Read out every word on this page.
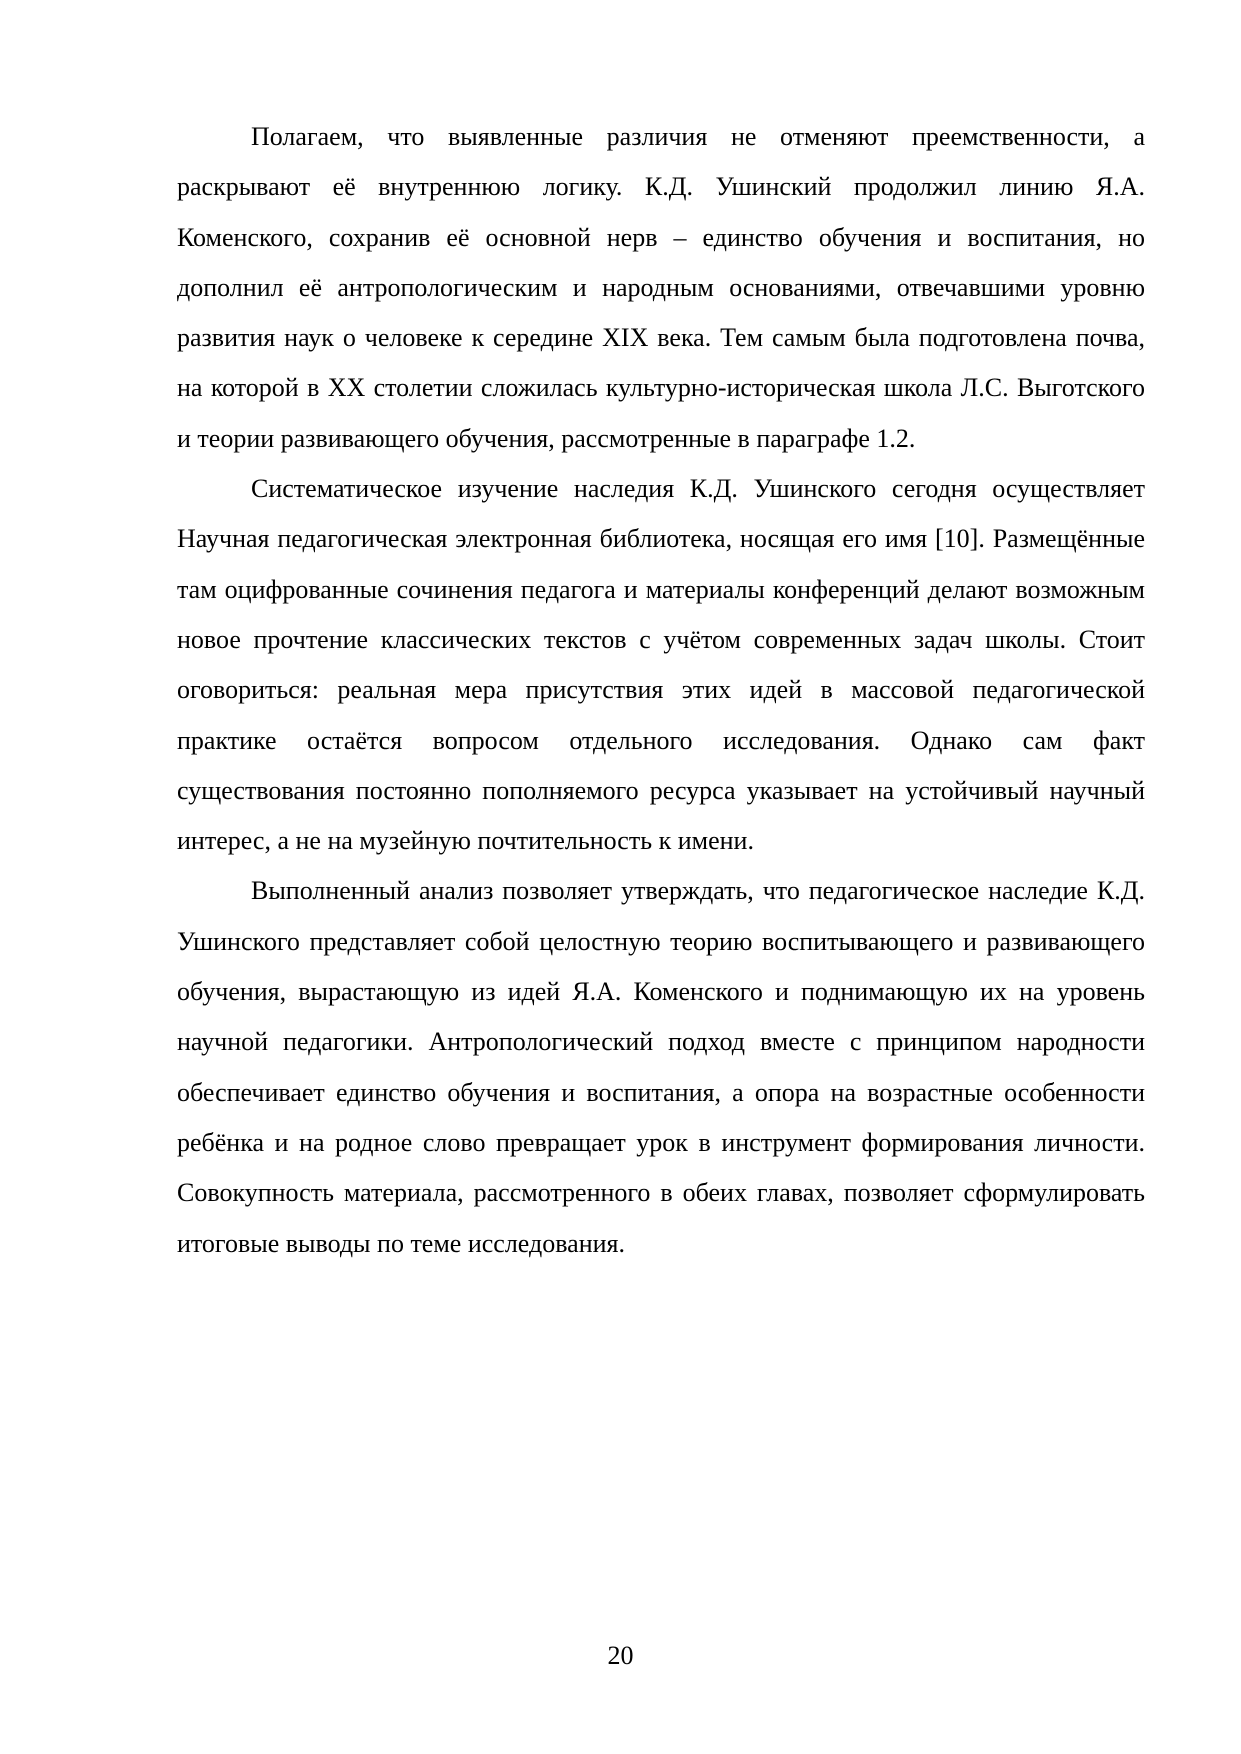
Полагаем, что выявленные различия не отменяют преемственности, а раскрывают её внутреннюю логику. К.Д. Ушинский продолжил линию Я.А. Коменского, сохранив её основной нерв – единство обучения и воспитания, но дополнил её антропологическим и народным основаниями, отвечавшими уровню развития наук о человеке к середине XIX века. Тем самым была подготовлена почва, на которой в XX столетии сложилась культурно-историческая школа Л.С. Выготского и теории развивающего обучения, рассмотренные в параграфе 1.2.

Систематическое изучение наследия К.Д. Ушинского сегодня осуществляет Научная педагогическая электронная библиотека, носящая его имя [10]. Размещённые там оцифрованные сочинения педагога и материалы конференций делают возможным новое прочтение классических текстов с учётом современных задач школы. Стоит оговориться: реальная мера присутствия этих идей в массовой педагогической практике остаётся вопросом отдельного исследования. Однако сам факт существования постоянно пополняемого ресурса указывает на устойчивый научный интерес, а не на музейную почтительность к имени.

Выполненный анализ позволяет утверждать, что педагогическое наследие К.Д. Ушинского представляет собой целостную теорию воспитывающего и развивающего обучения, вырастающую из идей Я.А. Коменского и поднимающую их на уровень научной педагогики. Антропологический подход вместе с принципом народности обеспечивает единство обучения и воспитания, а опора на возрастные особенности ребёнка и на родное слово превращает урок в инструмент формирования личности. Совокупность материала, рассмотренного в обеих главах, позволяет сформулировать итоговые выводы по теме исследования.

20
